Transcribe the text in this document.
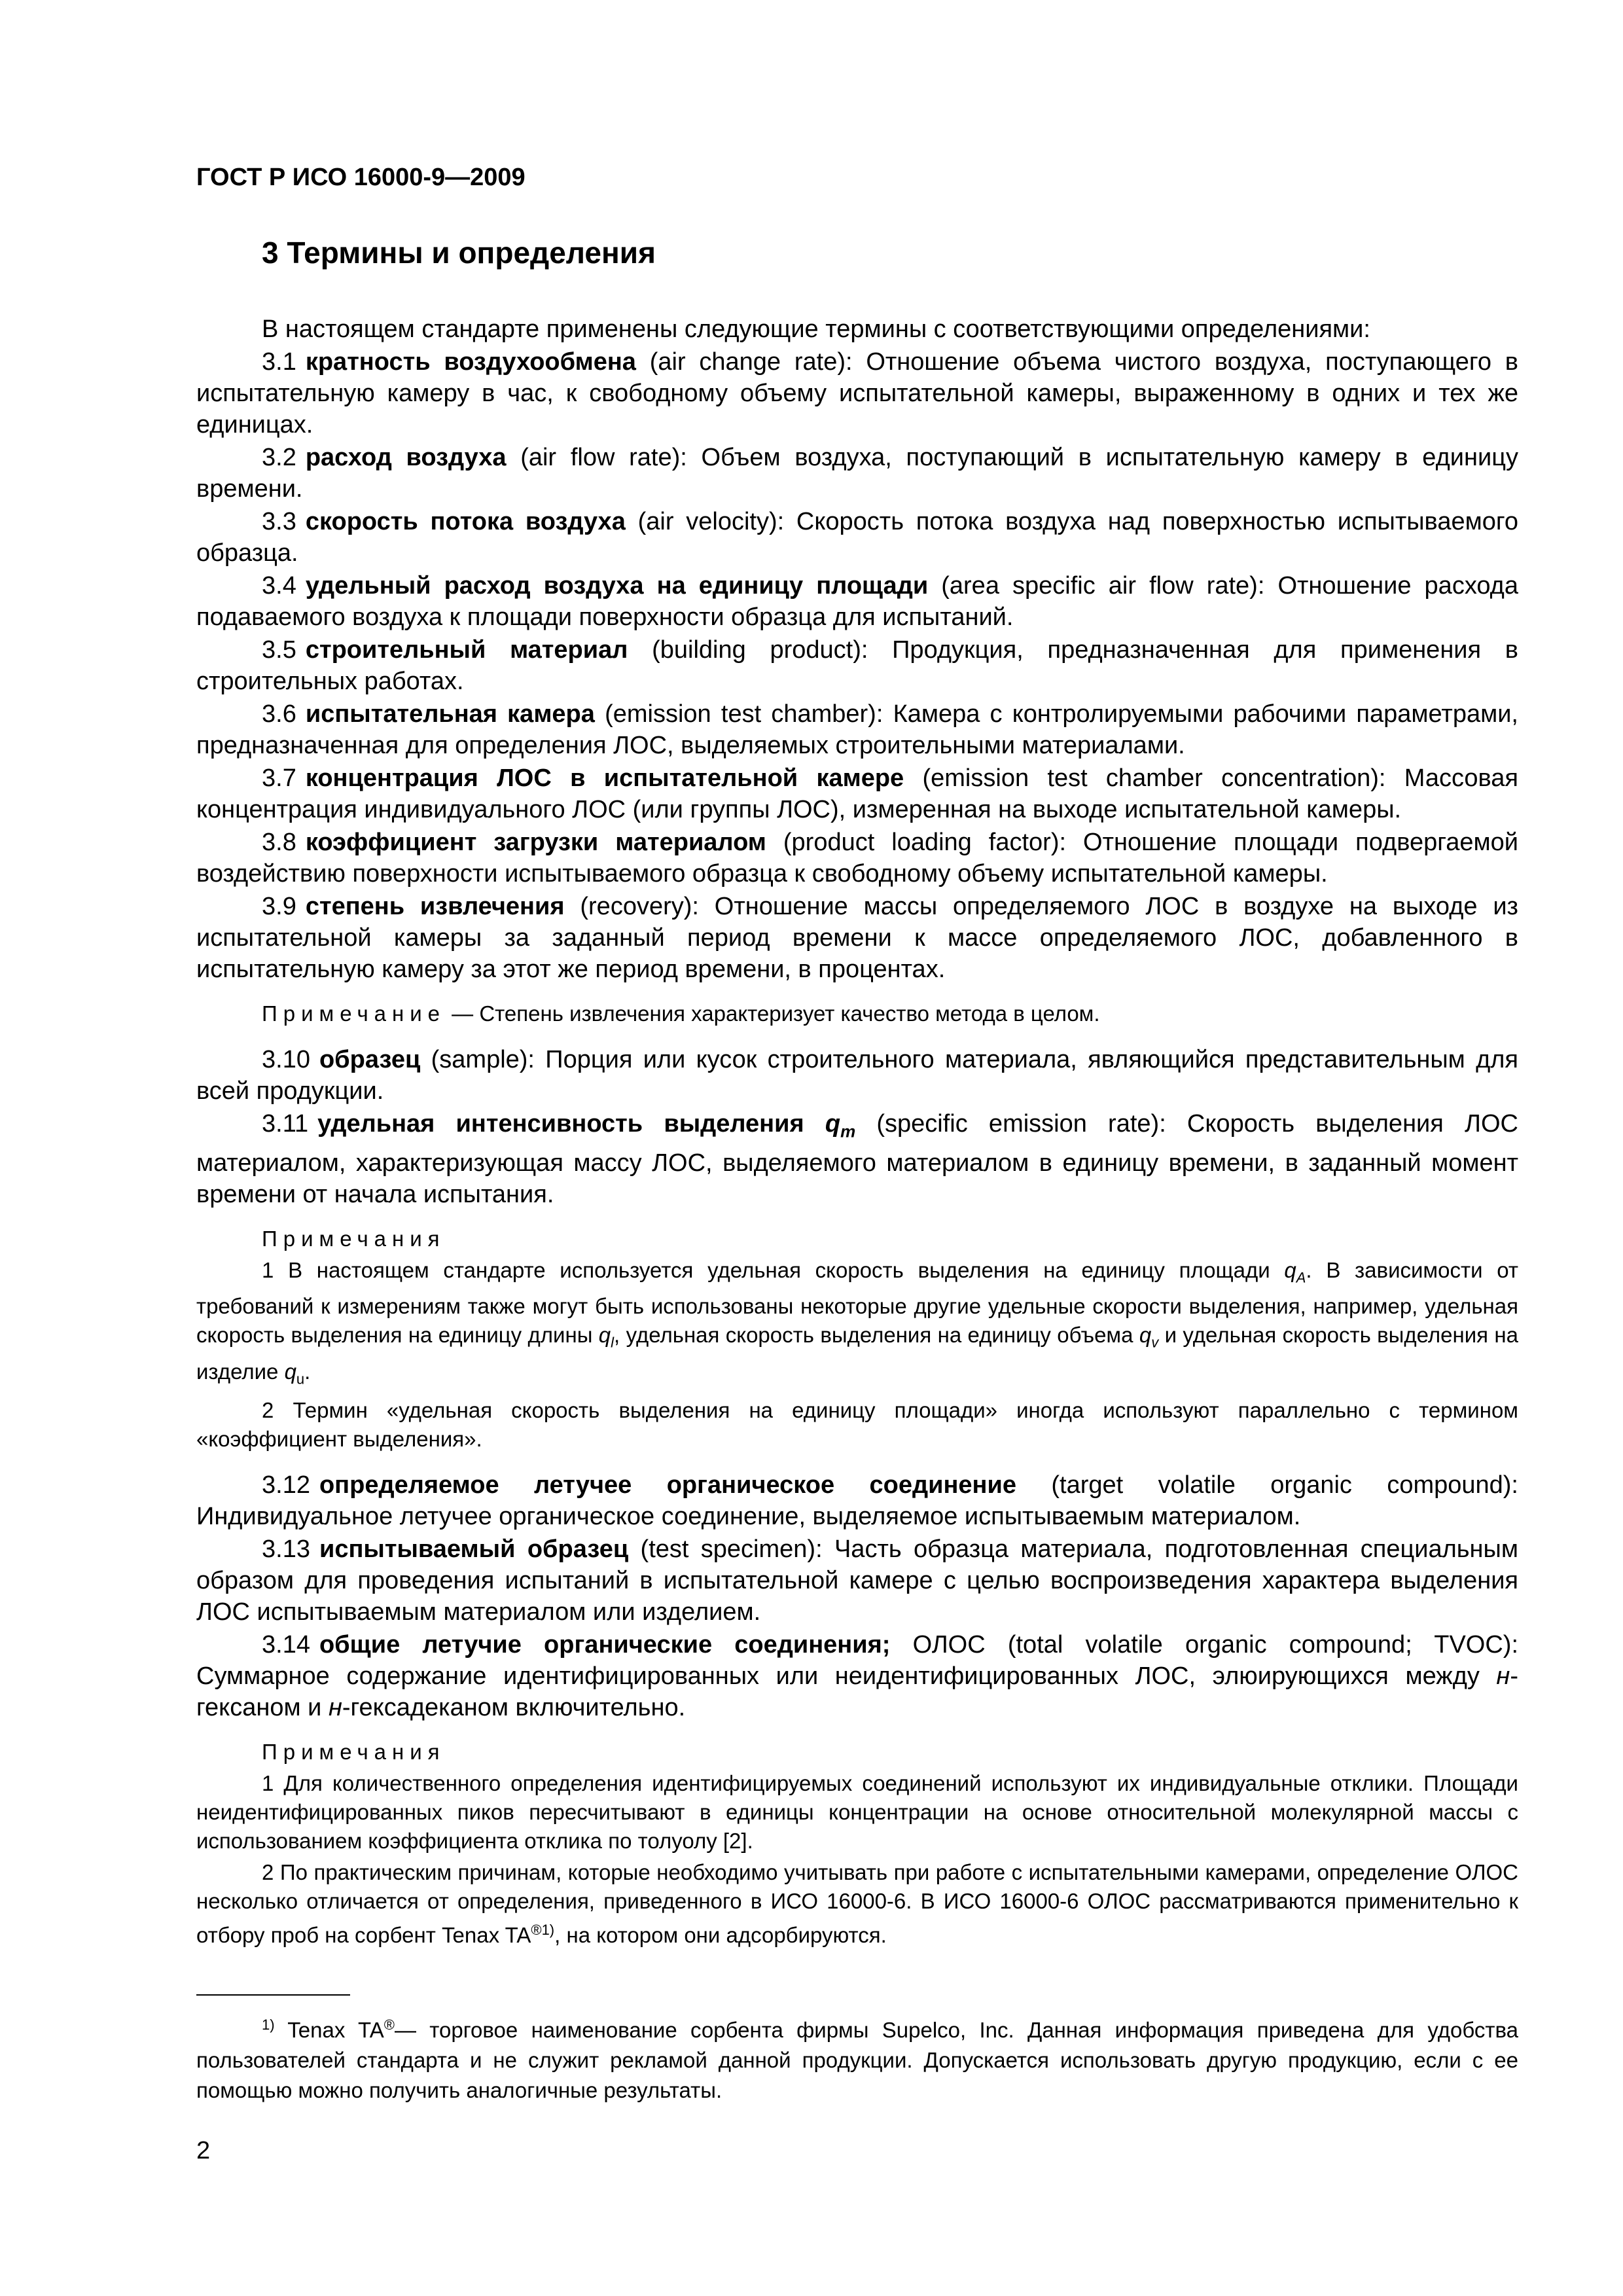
ГОСТ Р ИСО 16000-9—2009
3 Термины и определения

В настоящем стандарте применены следующие термины с соответствующими определениями:

3.1 кратность воздухообмена (air change rate): Отношение объема чистого воздуха, поступающего в испытательную камеру в час, к свободному объему испытательной камеры, выраженному в одних и тех же единицах.

3.2 расход воздуха (air flow rate): Объем воздуха, поступающий в испытательную камеру в единицу времени.

3.3 скорость потока воздуха (air velocity): Скорость потока воздуха над поверхностью испытываемого образца.

3.4 удельный расход воздуха на единицу площади (area specific air flow rate): Отношение расхода подаваемого воздуха к площади поверхности образца для испытаний.

3.5 строительный материал (building product): Продукция, предназначенная для применения в строительных работах.

3.6 испытательная камера (emission test chamber): Камера с контролируемыми рабочими параметрами, предназначенная для определения ЛОС, выделяемых строительными материалами.

3.7 концентрация ЛОС в испытательной камере (emission test chamber concentration): Массовая концентрация индивидуального ЛОС (или группы ЛОС), измеренная на выходе испытательной камеры.

3.8 коэффициент загрузки материалом (product loading factor): Отношение площади подвергаемой воздействию поверхности испытываемого образца к свободному объему испытательной камеры.

3.9 степень извлечения (recovery): Отношение массы определяемого ЛОС в воздухе на выходе из испытательной камеры за заданный период времени к массе определяемого ЛОС, добавленного в испытательную камеру за этот же период времени, в процентах.

Примечание — Степень извлечения характеризует качество метода в целом.

3.10 образец (sample): Порция или кусок строительного материала, являющийся представительным для всей продукции.

3.11 удельная интенсивность выделения $q_m$ (specific emission rate): Скорость выделения ЛОС материалом, характеризующая массу ЛОС, выделяемого материалом в единицу времени, в заданный момент времени от начала испытания.

Примечания

1 В настоящем стандарте используется удельная скорость выделения на единицу площади $q_A$. В зависимости от требований к измерениям также могут быть использованы некоторые другие удельные скорости выделения, например, удельная скорость выделения на единицу длины $q_l$, удельная скорость выделения на единицу объема $q_v$ и удельная скорость выделения на изделие $q_u$.

2 Термин «удельная скорость выделения на единицу площади» иногда используют параллельно с термином «коэффициент выделения».

3.12 определяемое летучее органическое соединение (target volatile organic compound): Индивидуальное летучее органическое соединение, выделяемое испытываемым материалом.

3.13 испытываемый образец (test specimen): Часть образца материала, подготовленная специальным образом для проведения испытаний в испытательной камере с целью воспроизведения характера выделения ЛОС испытываемым материалом или изделием.

3.14 общие летучие органические соединения; ОЛОС (total volatile organic compound; TVOC): Суммарное содержание идентифицированных или неидентифицированных ЛОС, элюирующихся между н-гексаном и н-гексадеканом включительно.

Примечания

1 Для количественного определения идентифицируемых соединений используют их индивидуальные отклики. Площади неидентифицированных пиков пересчитывают в единицы концентрации на основе относительной молекулярной массы с использованием коэффициента отклика по толуолу [2].

2 По практическим причинам, которые необходимо учитывать при работе с испытательными камерами, определение ОЛОС несколько отличается от определения, приведенного в ИСО 16000-6. В ИСО 16000-6 ОЛОС рассматриваются применительно к отбору проб на сорбент Tenax $TA^{®1)}$, на котором они адсорбируются.

$^{1)}$ Tenax TA®— торговое наименование сорбента фирмы Supelco, Inc. Данная информация приведена для удобства пользователей стандарта и не служит рекламой данной продукции. Допускается использовать другую продукцию, если с ее помощью можно получить аналогичные результаты.

2
